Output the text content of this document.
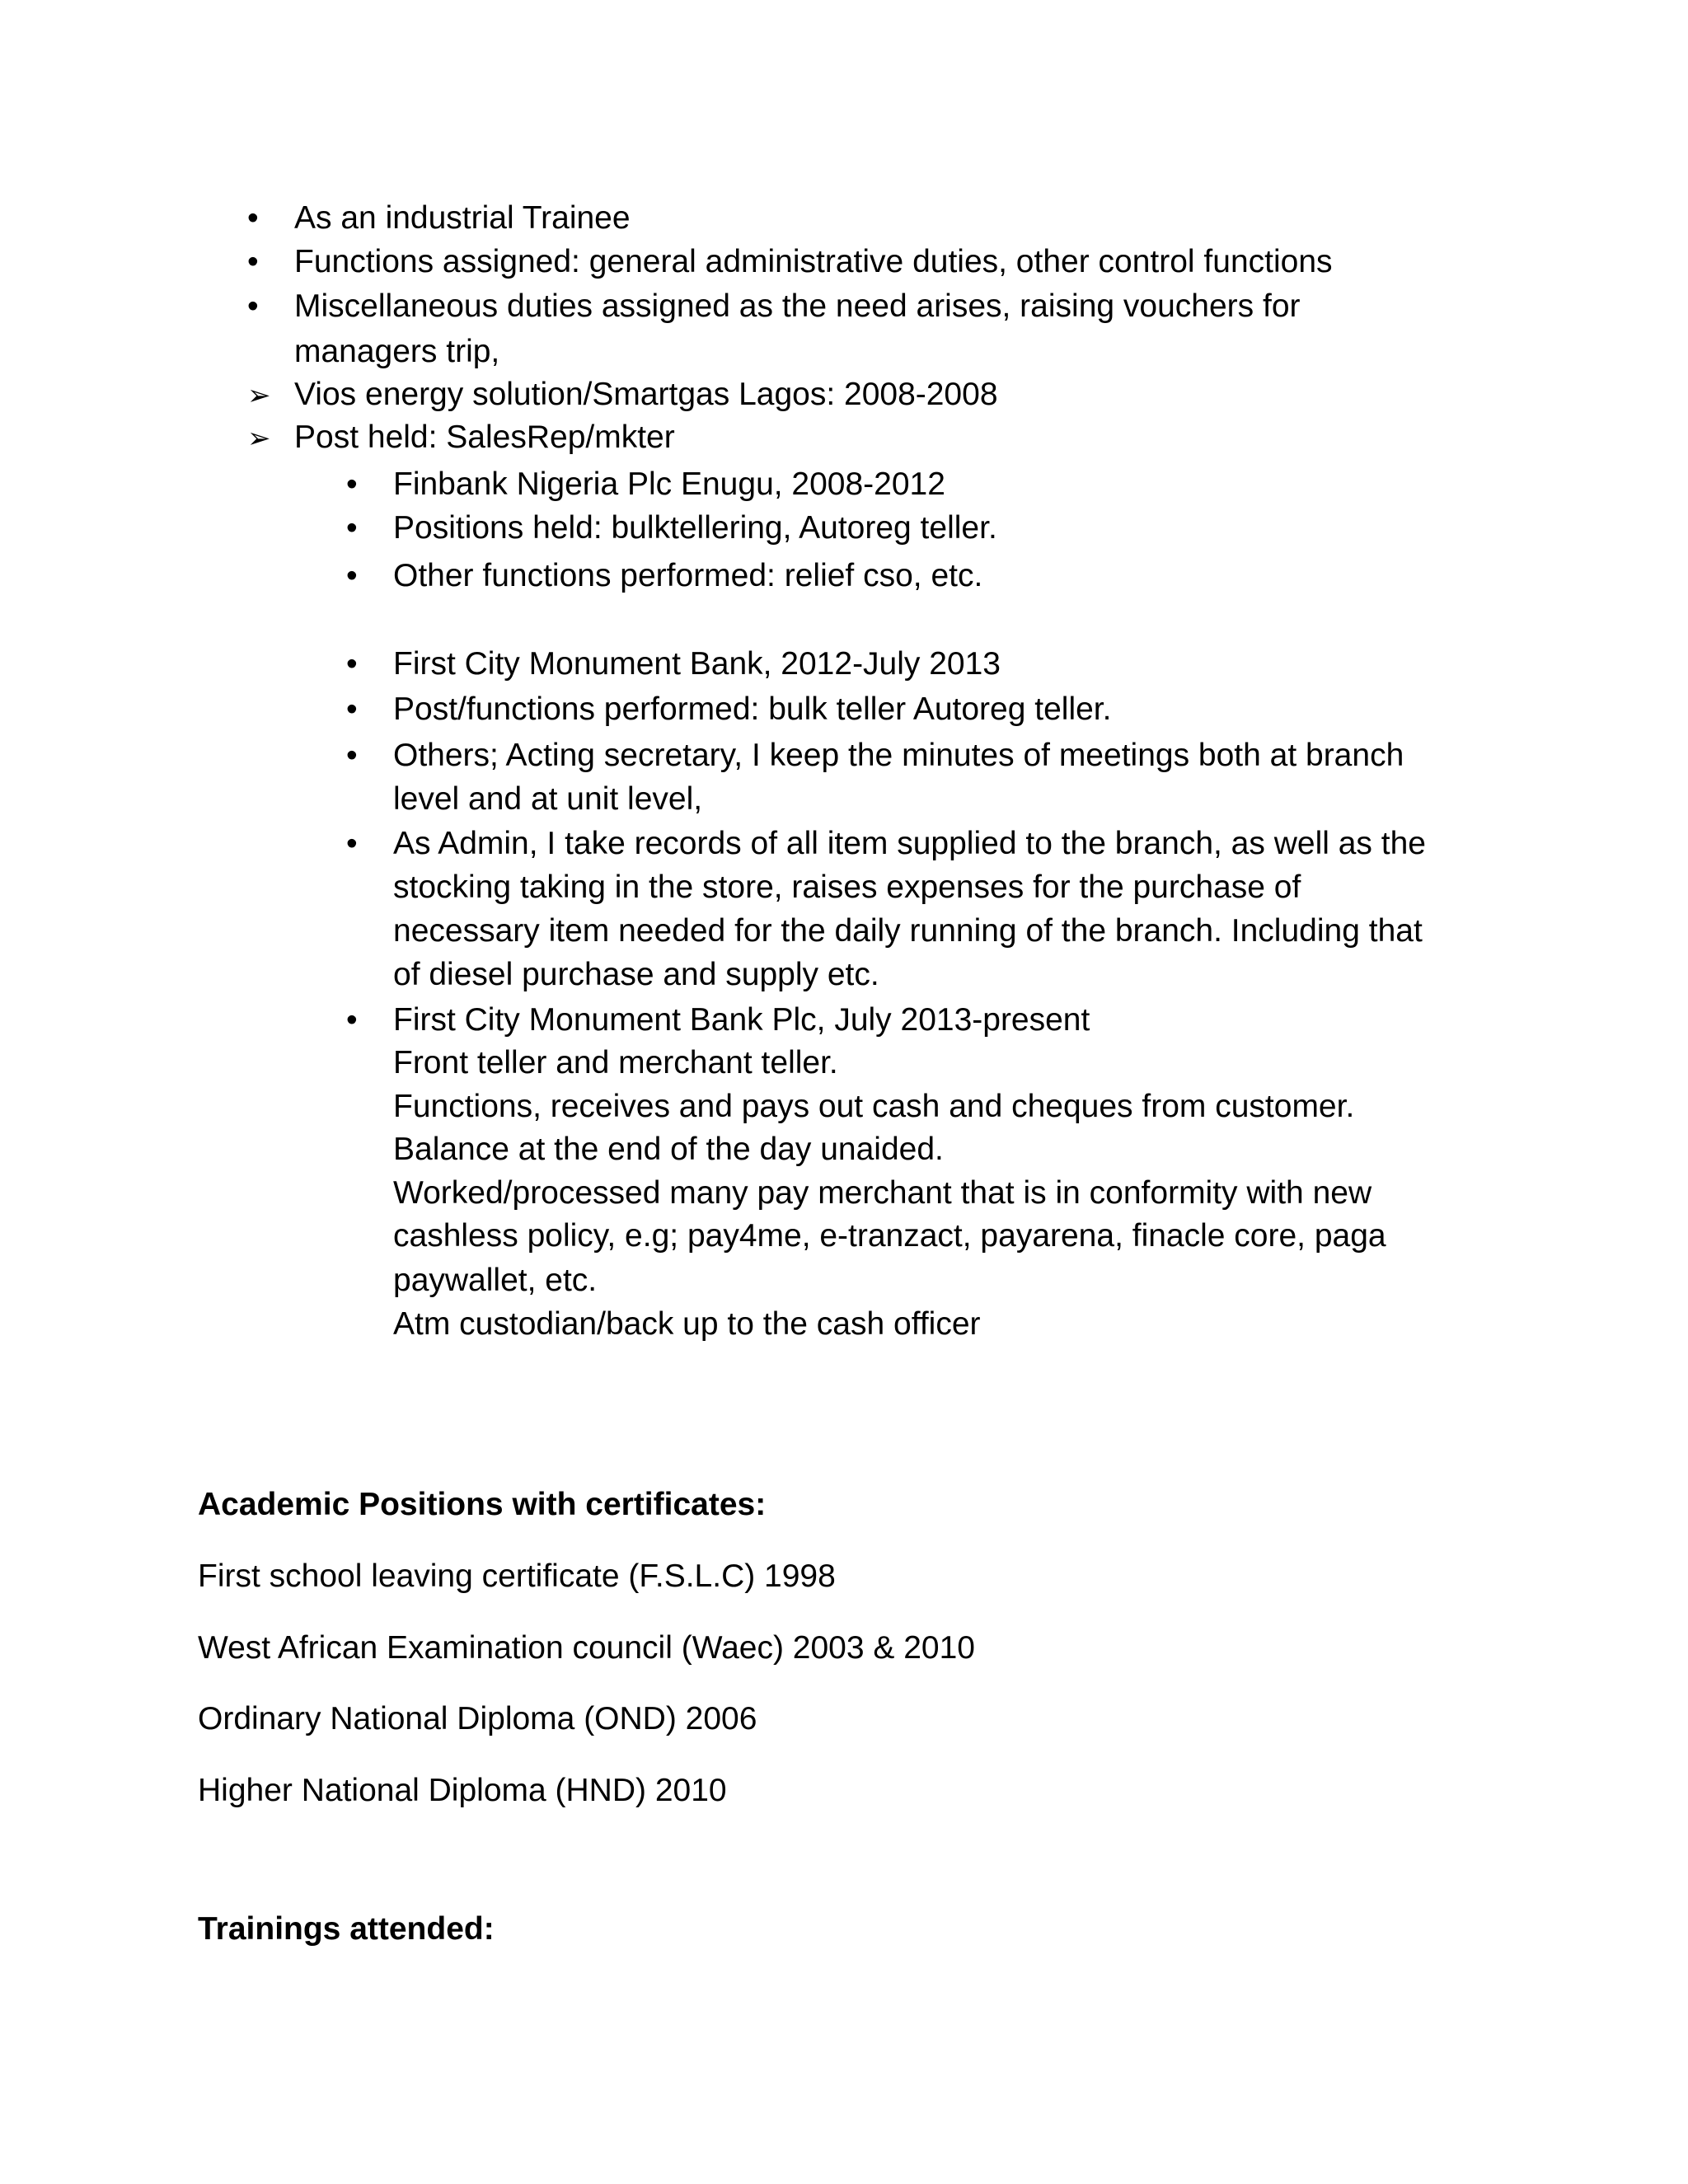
•
As an industrial Trainee
•
Functions assigned: general administrative duties, other control functions
•
Miscellaneous duties assigned as the need arises, raising vouchers for
managers trip,
➢
Vios energy solution/Smartgas Lagos: 2008-2008
➢
Post held: SalesRep/mkter
•
Finbank Nigeria Plc Enugu, 2008-2012
•
Positions held: bulktellering, Autoreg teller.
•
Other functions performed: relief cso, etc.
•
First City Monument Bank, 2012-July 2013
•
Post/functions performed: bulk teller Autoreg teller.
•
Others; Acting secretary, I keep the minutes of meetings both at branch
level and at unit level,
•
As Admin, I take records of all item supplied to the branch, as well as the
stocking taking in the store, raises expenses for the purchase of
necessary item needed for the daily running of the branch. Including that
of diesel purchase and supply etc.
•
First City Monument Bank Plc, July 2013-present
Front teller and merchant teller.
Functions, receives and pays out cash and cheques from customer.
Balance at the end of the day unaided.
Worked/processed many pay merchant that is in conformity with new
cashless policy, e.g; pay4me, e-tranzact, payarena, finacle core, paga
paywallet, etc.
Atm custodian/back up to the cash officer
Academic Positions with certificates:
First school leaving certificate (F.S.L.C) 1998
West African Examination council (Waec) 2003 & 2010
Ordinary National Diploma (OND) 2006
Higher National Diploma (HND) 2010
Trainings attended:
